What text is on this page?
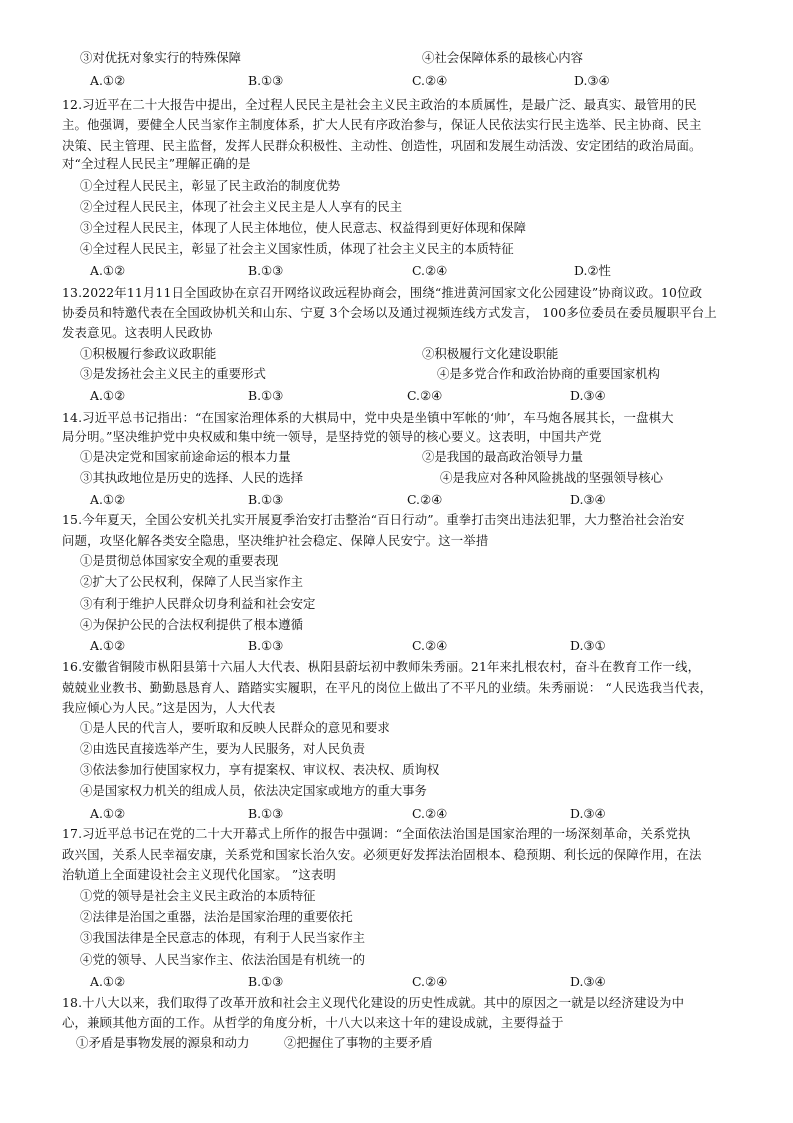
③对优抚对象实行的特殊保障	④社会保障体系的最核心内容
A.①②	B.①③	C.②④	D.③④
12.习近平在二十大报告中提出，全过程人民民主是社会主义民主政治的本质属性，是最广泛、最真实、最管用的民
主。他强调，要健全人民当家作主制度体系，扩大人民有序政治参与，保证人民依法实行民主选举、民主协商、民主
决策、民主管理、民主监督，发挥人民群众积极性、主动性、创造性，巩固和发展生动活泼、安定团结的政治局面。
对“全过程人民民主”理解正确的是
①全过程人民民主，彰显了民主政治的制度优势
②全过程人民民主，体现了社会主义民主是人人享有的民主
③全过程人民民主，体现了人民主体地位，使人民意志、权益得到更好体现和保障
④全过程人民民主，彰显了社会主义国家性质，体现了社会主义民主的本质特征
A.①②	B.①③	C.②④	D.②性
13.2022年11月11日全国政协在京召开网络议政远程协商会，围绕“推进黄河国家文化公园建设”协商议政。10位政
协委员和特邀代表在全国政协机关和山东、宁夏 3个会场以及通过视频连线方式发言， 100多位委员在委员履职平台上
发表意见。这表明人民政协
①积极履行参政议政职能	②积极履行文化建设职能
③是发扬社会主义民主的重要形式	④是多党合作和政治协商的重要国家机构
A.①②	B.①③	C.②④	D.③④
14.习近平总书记指出：“在国家治理体系的大棋局中，党中央是坐镇中军帐的‘帅’，车马炮各展其长，一盘棋大
局分明。”坚决维护党中央权威和集中统一领导，是坚持党的领导的核心要义。这表明，中国共产党
①是决定党和国家前途命运的根本力量	②是我国的最高政治领导力量
③其执政地位是历史的选择、人民的选择	④是我应对各种风险挑战的坚强领导核心
A.①②	B.①③	C.②④	D.③④
15.今年夏天，全国公安机关扎实开展夏季治安打击整治“百日行动”。重拳打击突出违法犯罪，大力整治社会治安
问题，攻坚化解各类安全隐患，坚决维护社会稳定、保障人民安宁。这一举措
①是贯彻总体国家安全观的重要表现
②扩大了公民权利，保障了人民当家作主
③有利于维护人民群众切身利益和社会安定
④为保护公民的合法权利提供了根本遵循
A.①②	B.①③	C.②④	D.③①
16.安徽省铜陵市枞阳县第十六届人大代表、枞阳县蔚坛初中教师朱秀丽。21年来扎根农村，奋斗在教育工作一线，
兢兢业业教书、勤勤恳恳育人、踏踏实实履职，在平凡的岗位上做出了不平凡的业绩。朱秀丽说： “人民选我当代表，
我应倾心为人民。”这是因为，人大代表
①是人民的代言人，要听取和反映人民群众的意见和要求
②由选民直接选举产生，要为人民服务，对人民负责
③依法参加行使国家权力，享有提案权、审议权、表决权、质询权
④是国家权力机关的组成人员，依法决定国家或地方的重大事务
A.①②	B.①③	C.②④	D.③④
17.习近平总书记在党的二十大开幕式上所作的报告中强调：“全面依法治国是国家治理的一场深刻革命，关系党执
政兴国，关系人民幸福安康，关系党和国家长治久安。必须更好发挥法治固根本、稳预期、利长远的保障作用，在法
治轨道上全面建设社会主义现代化国家。 ”这表明
①党的领导是社会主义民主政治的本质特征
②法律是治国之重器，法治是国家治理的重要依托
③我国法律是全民意志的体现，有利于人民当家作主
④党的领导、人民当家作主、依法治国是有机统一的
A.①②	B.①③	C.②④	D.③④
18.十八大以来，我们取得了改革开放和社会主义现代化建设的历史性成就。其中的原因之一就是以经济建设为中
心，兼顾其他方面的工作。从哲学的角度分析，十八大以来这十年的建设成就，主要得益于
①矛盾是事物发展的源泉和动力	②把握住了事物的主要矛盾
